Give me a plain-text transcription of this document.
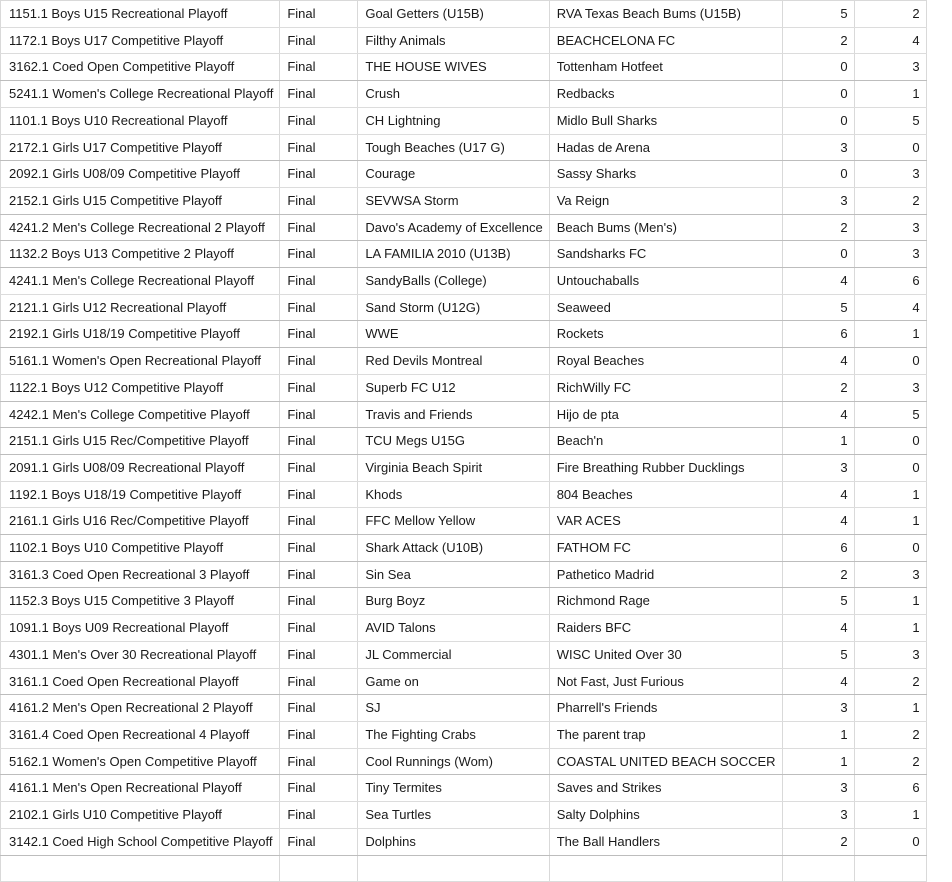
1151.1 Boys U15 Recreational Playoff	Final	Goal Getters (U15B)	RVA Texas Beach Bums (U15B)	5	2
1172.1 Boys U17 Competitive Playoff	Final	Filthy Animals	BEACHCELONA FC	2	4
3162.1 Coed Open Competitive Playoff	Final	THE HOUSE WIVES	Tottenham Hotfeet	0	3
5241.1 Women's College Recreational Playoff	Final	Crush	Redbacks	0	1
1101.1 Boys U10 Recreational Playoff	Final	CH Lightning	Midlo Bull Sharks	0	5
2172.1 Girls U17 Competitive Playoff	Final	Tough Beaches (U17 G)	Hadas de Arena	3	0
2092.1 Girls U08/09 Competitive Playoff	Final	Courage	Sassy Sharks	0	3
2152.1 Girls U15 Competitive Playoff	Final	SEVWSA Storm	Va Reign	3	2
4241.2 Men's College Recreational 2 Playoff	Final	Davo's Academy of Excellence	Beach Bums (Men's)	2	3
1132.2 Boys U13 Competitive 2 Playoff	Final	LA FAMILIA 2010 (U13B)	Sandsharks FC	0	3
4241.1 Men's College Recreational Playoff	Final	SandyBalls (College)	Untouchaballs	4	6
2121.1 Girls U12 Recreational Playoff	Final	Sand Storm (U12G)	Seaweed	5	4
2192.1 Girls U18/19 Competitive Playoff	Final	WWE	Rockets	6	1
5161.1 Women's Open Recreational Playoff	Final	Red Devils Montreal	Royal Beaches	4	0
1122.1 Boys U12 Competitive Playoff	Final	Superb FC U12	RichWilly FC	2	3
4242.1 Men's College Competitive Playoff	Final	Travis and Friends	Hijo de pta	4	5
2151.1 Girls U15 Rec/Competitive Playoff	Final	TCU Megs U15G	Beach'n	1	0
2091.1 Girls U08/09 Recreational Playoff	Final	Virginia Beach Spirit	Fire Breathing Rubber Ducklings	3	0
1192.1 Boys U18/19 Competitive Playoff	Final	Khods	804 Beaches	4	1
2161.1 Girls U16 Rec/Competitive Playoff	Final	FFC Mellow Yellow	VAR ACES	4	1
1102.1 Boys U10 Competitive Playoff	Final	Shark Attack (U10B)	FATHOM FC	6	0
3161.3 Coed Open Recreational 3 Playoff	Final	Sin Sea	Pathetico Madrid	2	3
1152.3 Boys U15 Competitive 3 Playoff	Final	Burg Boyz	Richmond Rage	5	1
1091.1 Boys U09 Recreational Playoff	Final	AVID Talons	Raiders BFC	4	1
4301.1 Men's Over 30 Recreational Playoff	Final	JL Commercial	WISC United Over 30	5	3
3161.1 Coed Open Recreational Playoff	Final	Game on	Not Fast, Just Furious	4	2
4161.2 Men's Open Recreational 2 Playoff	Final	SJ	Pharrell's Friends	3	1
3161.4 Coed Open Recreational 4 Playoff	Final	The Fighting Crabs	The parent trap	1	2
5162.1 Women's Open Competitive Playoff	Final	Cool Runnings (Wom)	COASTAL UNITED BEACH SOCCER	1	2
4161.1 Men's Open Recreational Playoff	Final	Tiny Termites	Saves and Strikes	3	6
2102.1 Girls U10 Competitive Playoff	Final	Sea Turtles	Salty Dolphins	3	1
3142.1 Coed High School Competitive Playoff	Final	Dolphins	The Ball Handlers	2	0
